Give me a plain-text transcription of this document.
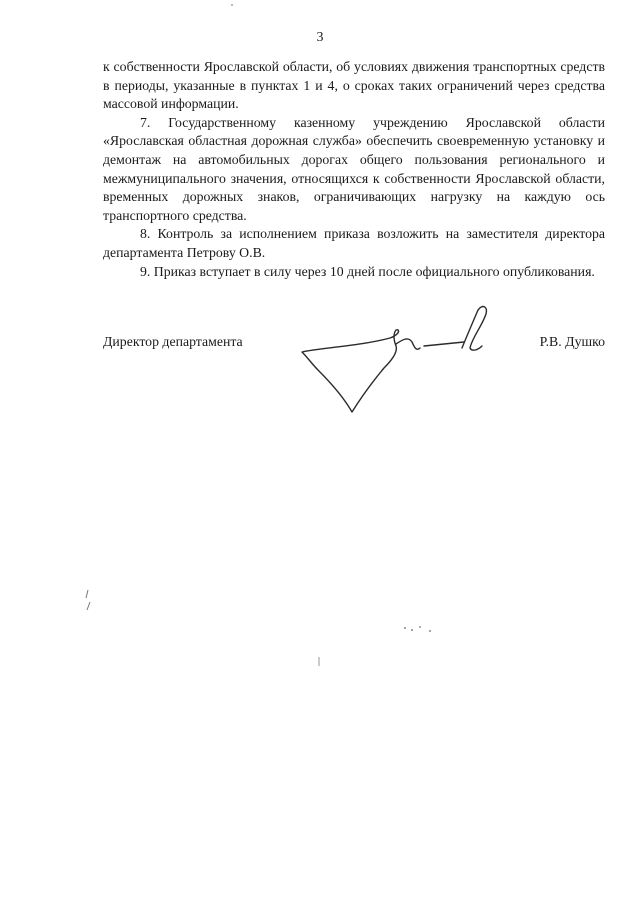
3

к собственности Ярославской области, об условиях движения транспортных средств в периоды, указанные в пунктах 1 и 4, о сроках таких ограничений через средства массовой информации.

7. Государственному казенному учреждению Ярославской области «Ярославская областная дорожная служба» обеспечить своевременную установку и демонтаж на автомобильных дорогах общего пользования регионального и межмуниципального значения, относящихся к собственности Ярославской области, временных дорожных знаков, ограничивающих нагрузку на каждую ось транспортного средства.

8. Контроль за исполнением приказа возложить на заместителя директора департамента Петрову О.В.

9. Приказ вступает в силу через 10 дней после официального опубликования.

Директор департамента	Р.В. Душко
